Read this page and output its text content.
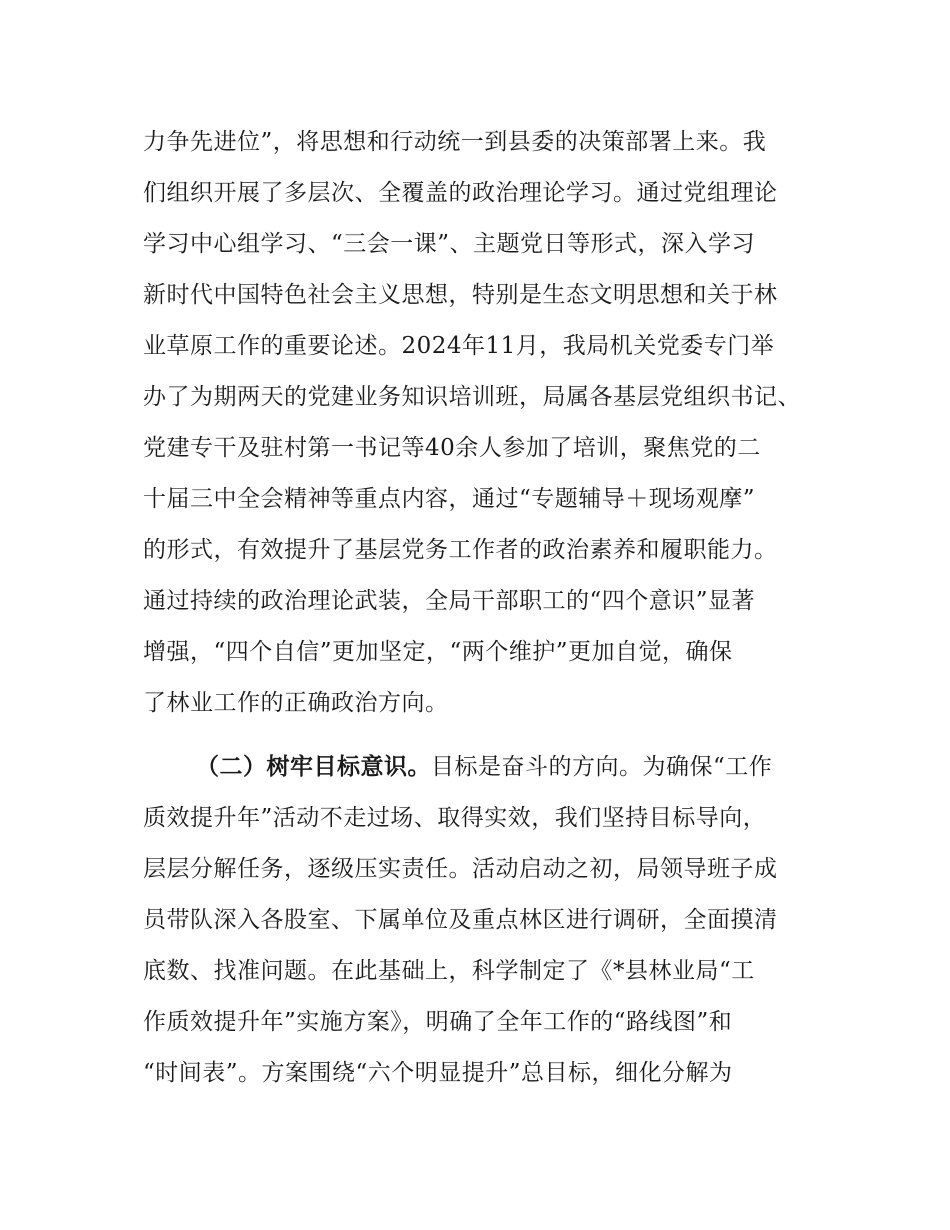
力争先进位”，将思想和行动统一到县委的决策部署上来。我

们组织开展了多层次、全覆盖的政治理论学习。通过党组理论

学习中心组学习、“三会一课”、主题党日等形式，深入学习

新时代中国特色社会主义思想，特别是生态文明思想和关于林

业草原工作的重要论述。2024年11月，我局机关党委专门举

办了为期两天的党建业务知识培训班，局属各基层党组织书记、

党建专干及驻村第一书记等40余人参加了培训，聚焦党的二

十届三中全会精神等重点内容，通过“专题辅导＋现场观摩”

的形式，有效提升了基层党务工作者的政治素养和履职能力。

通过持续的政治理论武装，全局干部职工的“四个意识”显著

增强，“四个自信”更加坚定，“两个维护”更加自觉，确保

了林业工作的正确政治方向。

（二）树牢目标意识。目标是奋斗的方向。为确保“工作

质效提升年”活动不走过场、取得实效，我们坚持目标导向，

层层分解任务，逐级压实责任。活动启动之初，局领导班子成

员带队深入各股室、下属单位及重点林区进行调研，全面摸清

底数、找准问题。在此基础上，科学制定了《*县林业局“工

作质效提升年”实施方案》，明确了全年工作的“路线图”和

“时间表”。方案围绕“六个明显提升”总目标，细化分解为
